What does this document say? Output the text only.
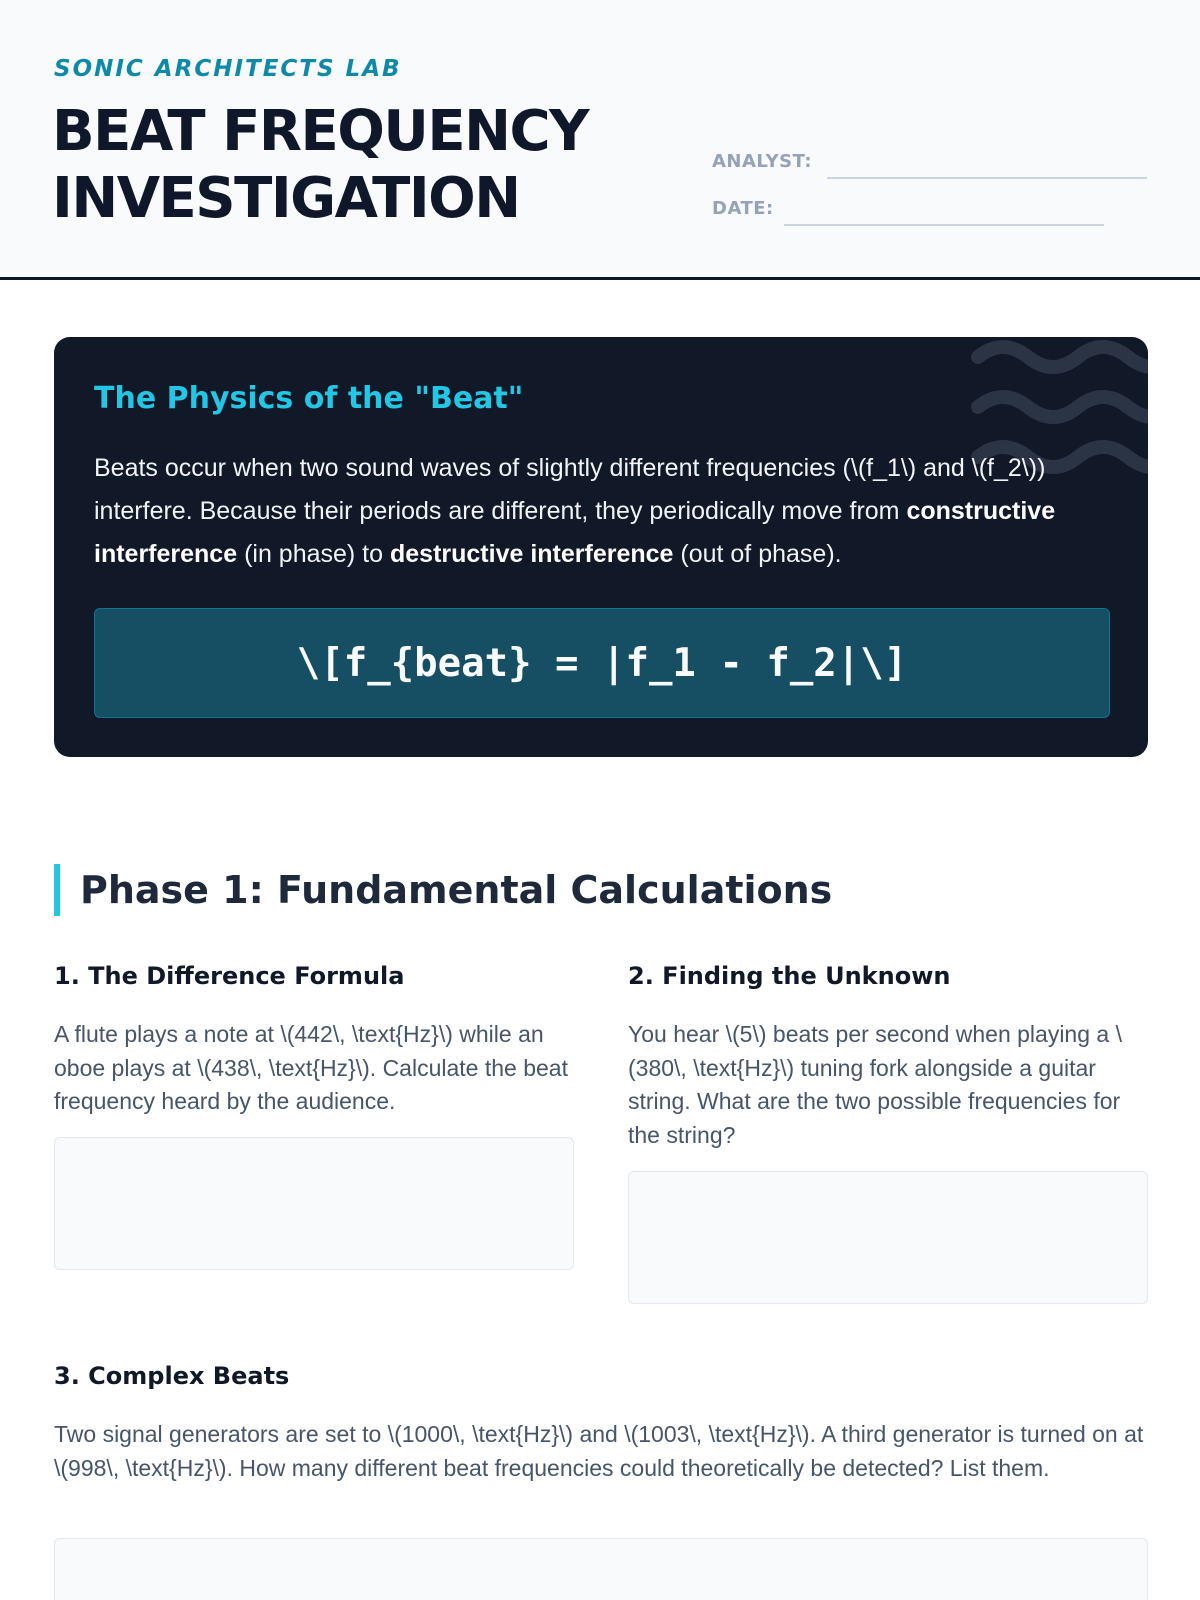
SONIC ARCHITECTS LAB
BEAT FREQUENCY
INVESTIGATION
ANALYST:
DATE:
The Physics of the "Beat"
Beats occur when two sound waves of slightly different frequencies (\(f_1\) and \(f_2\)) interfere. Because their periods are different, they periodically move from constructive interference (in phase) to destructive interference (out of phase).
\[f_{beat} = |f_1 - f_2|\]
Phase 1: Fundamental Calculations
1. The Difference Formula
A flute plays a note at \(442\, \text{Hz}\) while an oboe plays at \(438\, \text{Hz}\). Calculate the beat frequency heard by the audience.
2. Finding the Unknown
You hear \(5\) beats per second when playing a \(380\, \text{Hz}\) tuning fork alongside a guitar string. What are the two possible frequencies for the string?
3. Complex Beats
Two signal generators are set to \(1000\, \text{Hz}\) and \(1003\, \text{Hz}\). A third generator is turned on at \(998\, \text{Hz}\). How many different beat frequencies could theoretically be detected? List them.
